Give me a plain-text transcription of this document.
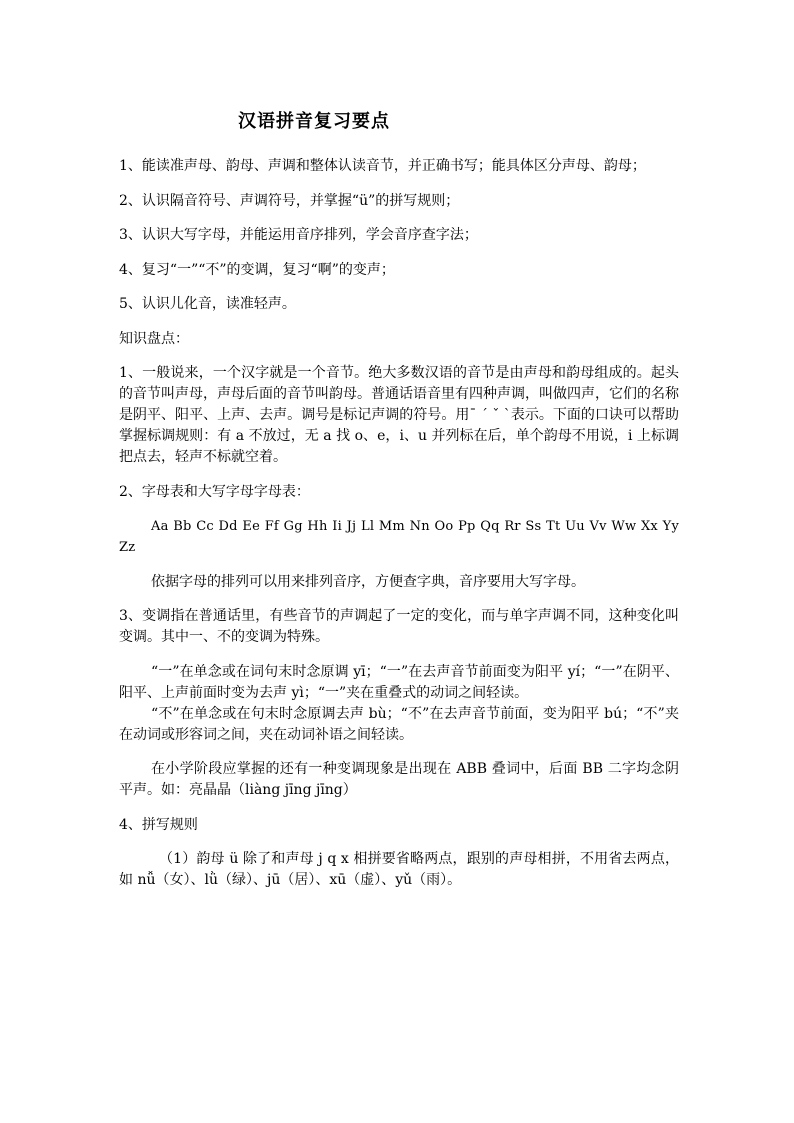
汉语拼音复习要点

1、能读准声母、韵母、声调和整体认读音节，并正确书写；能具体区分声母、韵母；

2、认识隔音符号、声调符号，并掌握“ü”的拼写规则；

3、认识大写字母，并能运用音序排列，学会音序查字法；

4、复习“一”“不”的变调，复习“啊”的变声；

5、认识儿化音，读准轻声。

知识盘点：

1、一般说来，一个汉字就是一个音节。绝大多数汉语的音节是由声母和韵母组成的。起头的音节叫声母，声母后面的音节叫韵母。普通话语音里有四种声调，叫做四声，它们的名称是阴平、阳平、上声、去声。调号是标记声调的符号。用ˉ ˊ ˇ ˋ表示。下面的口诀可以帮助掌握标调规则：有 a 不放过，无 a 找 o、e，i、u 并列标在后，单个韵母不用说，i 上标调把点去，轻声不标就空着。

2、字母表和大写字母字母表：

Aa Bb Cc Dd Ee Ff Gg Hh Ii Jj Ll Mm Nn Oo Pp Qq Rr Ss Tt Uu Vv Ww Xx Yy Zz

依据字母的排列可以用来排列音序，方便查字典，音序要用大写字母。

3、变调指在普通话里，有些音节的声调起了一定的变化，而与单字声调不同，这种变化叫变调。其中一、不的变调为特殊。

“一”在单念或在词句末时念原调 yī；“一”在去声音节前面变为阳平 yí；“一”在阴平、阳平、上声前面时变为去声 yì；“一”夹在重叠式的动词之间轻读。

“不”在单念或在句末时念原调去声 bù；“不”在去声音节前面，变为阳平 bú；“不”夹在动词或形容词之间，夹在动词补语之间轻读。

在小学阶段应掌握的还有一种变调现象是出现在 ABB 叠词中，后面 BB 二字均念阴平声。如：亮晶晶（liàng jīng jīng）

4、拼写规则

（1）韵母 ü 除了和声母 j q x 相拼要省略两点，跟别的声母相拼，不用省去两点，如 nǚ（女）、lǜ（绿）、jū（居）、xū（虚）、yǔ（雨）。
